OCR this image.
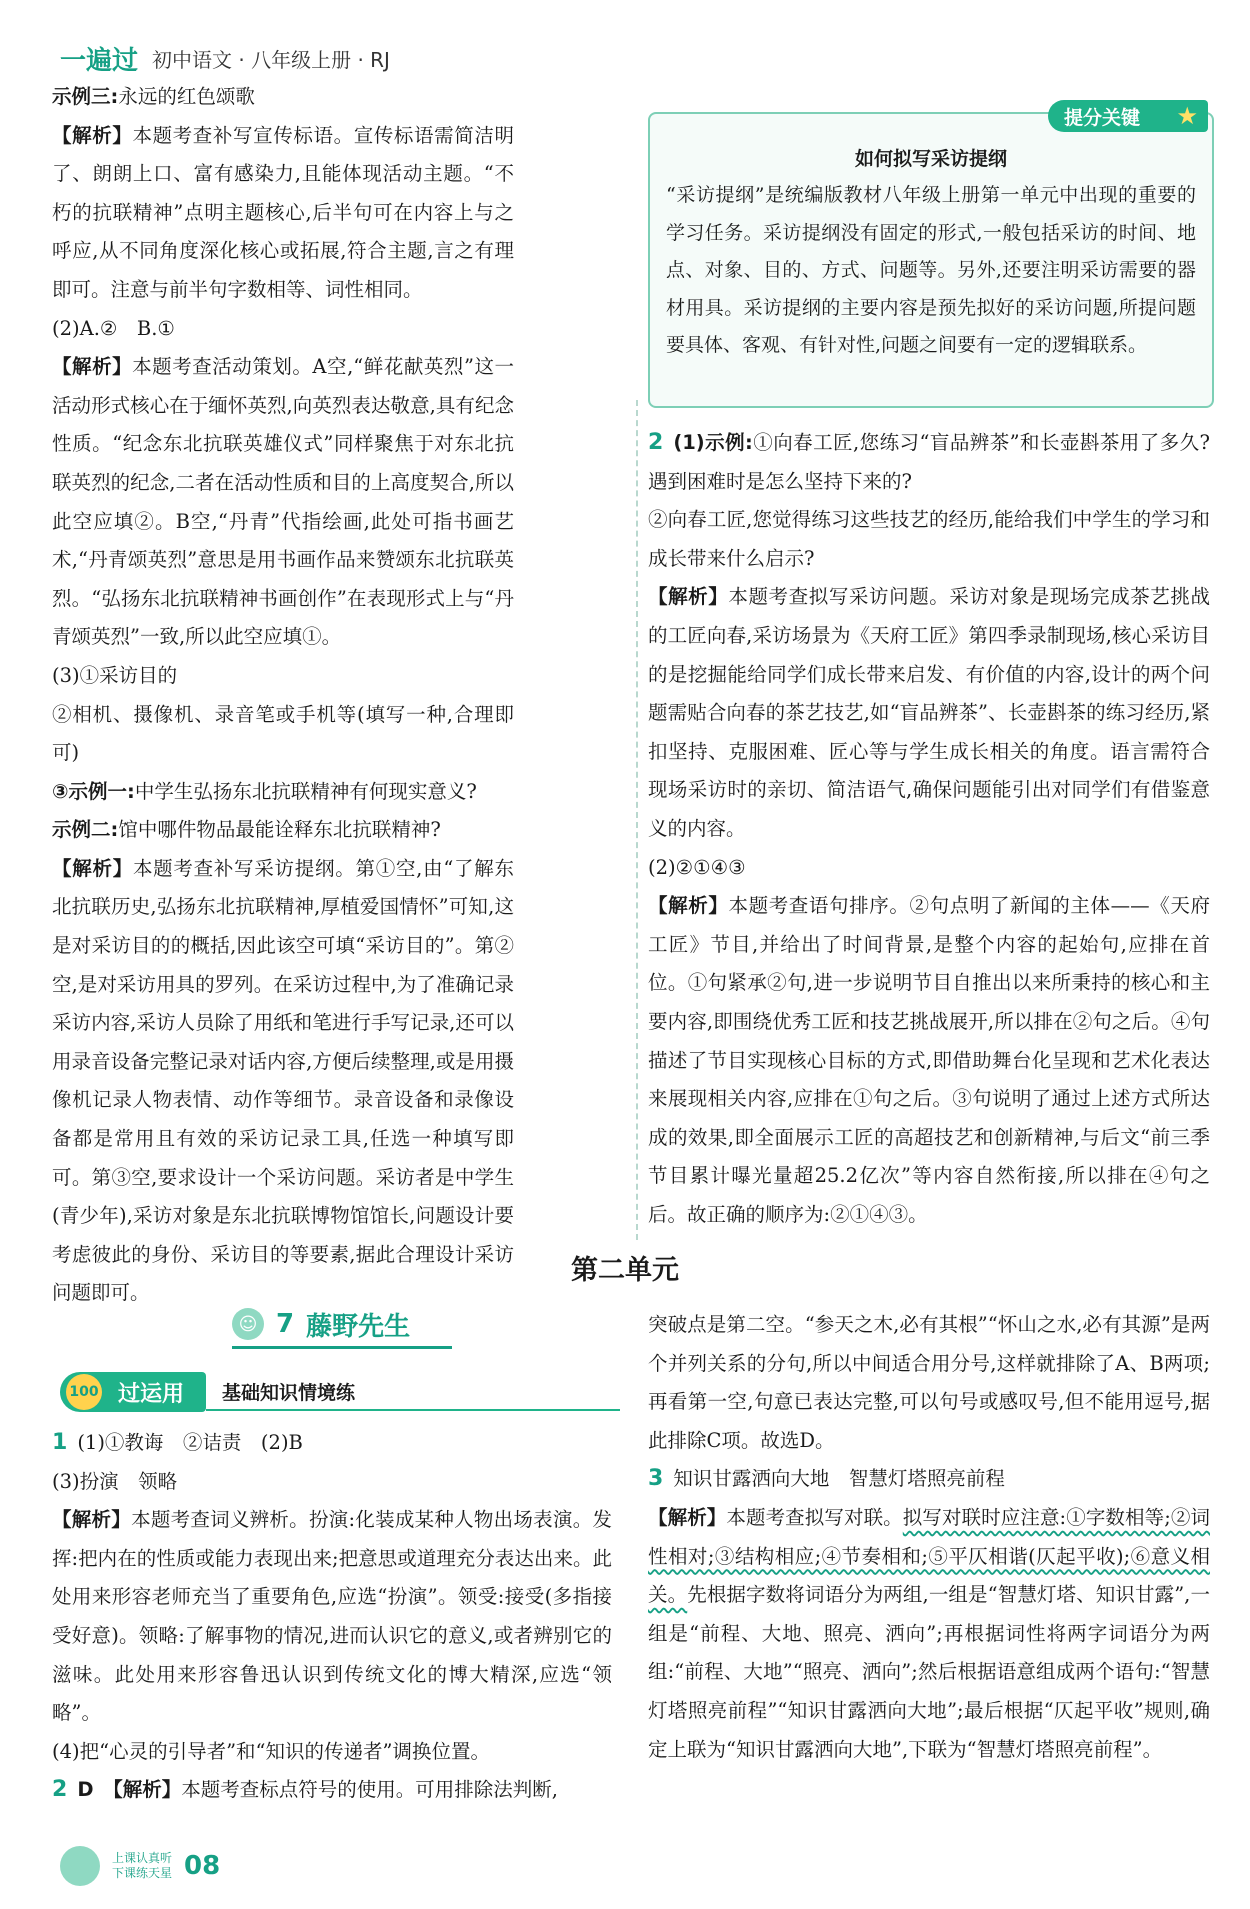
一遍过 初中语文 · 八年级上册 · RJ

示例三:永远的红色颂歌

【解析】本题考查补写宣传标语。宣传标语需简洁明了、朗朗上口、富有感染力,且能体现活动主题。“不朽的抗联精神”点明主题核心,后半句可在内容上与之呼应,从不同角度深化核心或拓展,符合主题,言之有理即可。注意与前半句字数相等、词性相同。

(2)A.②　B.①

【解析】本题考查活动策划。A空,“鲜花献英烈”这一活动形式核心在于缅怀英烈,向英烈表达敬意,具有纪念性质。“纪念东北抗联英雄仪式”同样聚焦于对东北抗联英烈的纪念,二者在活动性质和目的上高度契合,所以此空应填②。B空,“丹青”代指绘画,此处可指书画艺术,“丹青颂英烈”意思是用书画作品来赞颂东北抗联英烈。“弘扬东北抗联精神书画创作”在表现形式上与“丹青颂英烈”一致,所以此空应填①。

(3)①采访目的

②相机、摄像机、录音笔或手机等(填写一种,合理即可)

③示例一:中学生弘扬东北抗联精神有何现实意义?

示例二:馆中哪件物品最能诠释东北抗联精神?

【解析】本题考查补写采访提纲。第①空,由“了解东北抗联历史,弘扬东北抗联精神,厚植爱国情怀”可知,这是对采访目的的概括,因此该空可填“采访目的”。第②空,是对采访用具的罗列。在采访过程中,为了准确记录采访内容,采访人员除了用纸和笔进行手写记录,还可以用录音设备完整记录对话内容,方便后续整理,或是用摄像机记录人物表情、动作等细节。录音设备和录像设备都是常用且有效的采访记录工具,任选一种填写即可。第③空,要求设计一个采访问题。采访者是中学生(青少年),采访对象是东北抗联博物馆馆长,问题设计要考虑彼此的身份、采访目的等要素,据此合理设计采访问题即可。

如何拟写采访提纲
“采访提纲”是统编版教材八年级上册第一单元中出现的重要的学习任务。采访提纲没有固定的形式,一般包括采访的时间、地点、对象、目的、方式、问题等。另外,还要注明采访需要的器材用具。采访提纲的主要内容是预先拟好的采访问题,所提问题要具体、客观、有针对性,问题之间要有一定的逻辑联系。
提分关键 ★

2 (1)示例:①向春工匠,您练习“盲品辨茶”和长壶斟茶用了多久?遇到困难时是怎么坚持下来的?

②向春工匠,您觉得练习这些技艺的经历,能给我们中学生的学习和成长带来什么启示?

【解析】本题考查拟写采访问题。采访对象是现场完成茶艺挑战的工匠向春,采访场景为《天府工匠》第四季录制现场,核心采访目的是挖掘能给同学们成长带来启发、有价值的内容,设计的两个问题需贴合向春的茶艺技艺,如“盲品辨茶”、长壶斟茶的练习经历,紧扣坚持、克服困难、匠心等与学生成长相关的角度。语言需符合现场采访时的亲切、简洁语气,确保问题能引出对同学们有借鉴意义的内容。

(2)②①④③

【解析】本题考查语句排序。②句点明了新闻的主体——《天府工匠》节目,并给出了时间背景,是整个内容的起始句,应排在首位。①句紧承②句,进一步说明节目自推出以来所秉持的核心和主要内容,即围绕优秀工匠和技艺挑战展开,所以排在②句之后。④句描述了节目实现核心目标的方式,即借助舞台化呈现和艺术化表达来展现相关内容,应排在①句之后。③句说明了通过上述方式所达成的效果,即全面展示工匠的高超技艺和创新精神,与后文“前三季节目累计曝光量超25.2亿次”等内容自然衔接,所以排在④句之后。故正确的顺序为:②①④③。

第二单元
☺ 7 藤野先生
100 过运用	基础知识情境练

1 (1)①教诲　②诘责　(2)B

(3)扮演　领略

【解析】本题考查词义辨析。扮演:化装成某种人物出场表演。发挥:把内在的性质或能力表现出来;把意思或道理充分表达出来。此处用来形容老师充当了重要角色,应选“扮演”。领受:接受(多指接受好意)。领略:了解事物的情况,进而认识它的意义,或者辨别它的滋味。此处用来形容鲁迅认识到传统文化的博大精深,应选“领略”。

(4)把“心灵的引导者”和“知识的传递者”调换位置。

2 D　【解析】本题考查标点符号的使用。可用排除法判断,

突破点是第二空。“参天之木,必有其根”“怀山之水,必有其源”是两个并列关系的分句,所以中间适合用分号,这样就排除了A、B两项;再看第一空,句意已表达完整,可以句号或感叹号,但不能用逗号,据此排除C项。故选D。

3 知识甘露洒向大地　智慧灯塔照亮前程

【解析】本题考查拟写对联。拟写对联时应注意:①字数相等;②词性相对;③结构相应;④节奏相和;⑤平仄相谐(仄起平收);⑥意义相关。先根据字数将词语分为两组,一组是“智慧灯塔、知识甘露”,一组是“前程、大地、照亮、洒向”;再根据词性将两字词语分为两组:“前程、大地”“照亮、洒向”;然后根据语意组成两个语句:“智慧灯塔照亮前程”“知识甘露洒向大地”;最后根据“仄起平收”规则,确定上联为“知识甘露洒向大地”,下联为“智慧灯塔照亮前程”。

上课认真听
下课练天星 08
